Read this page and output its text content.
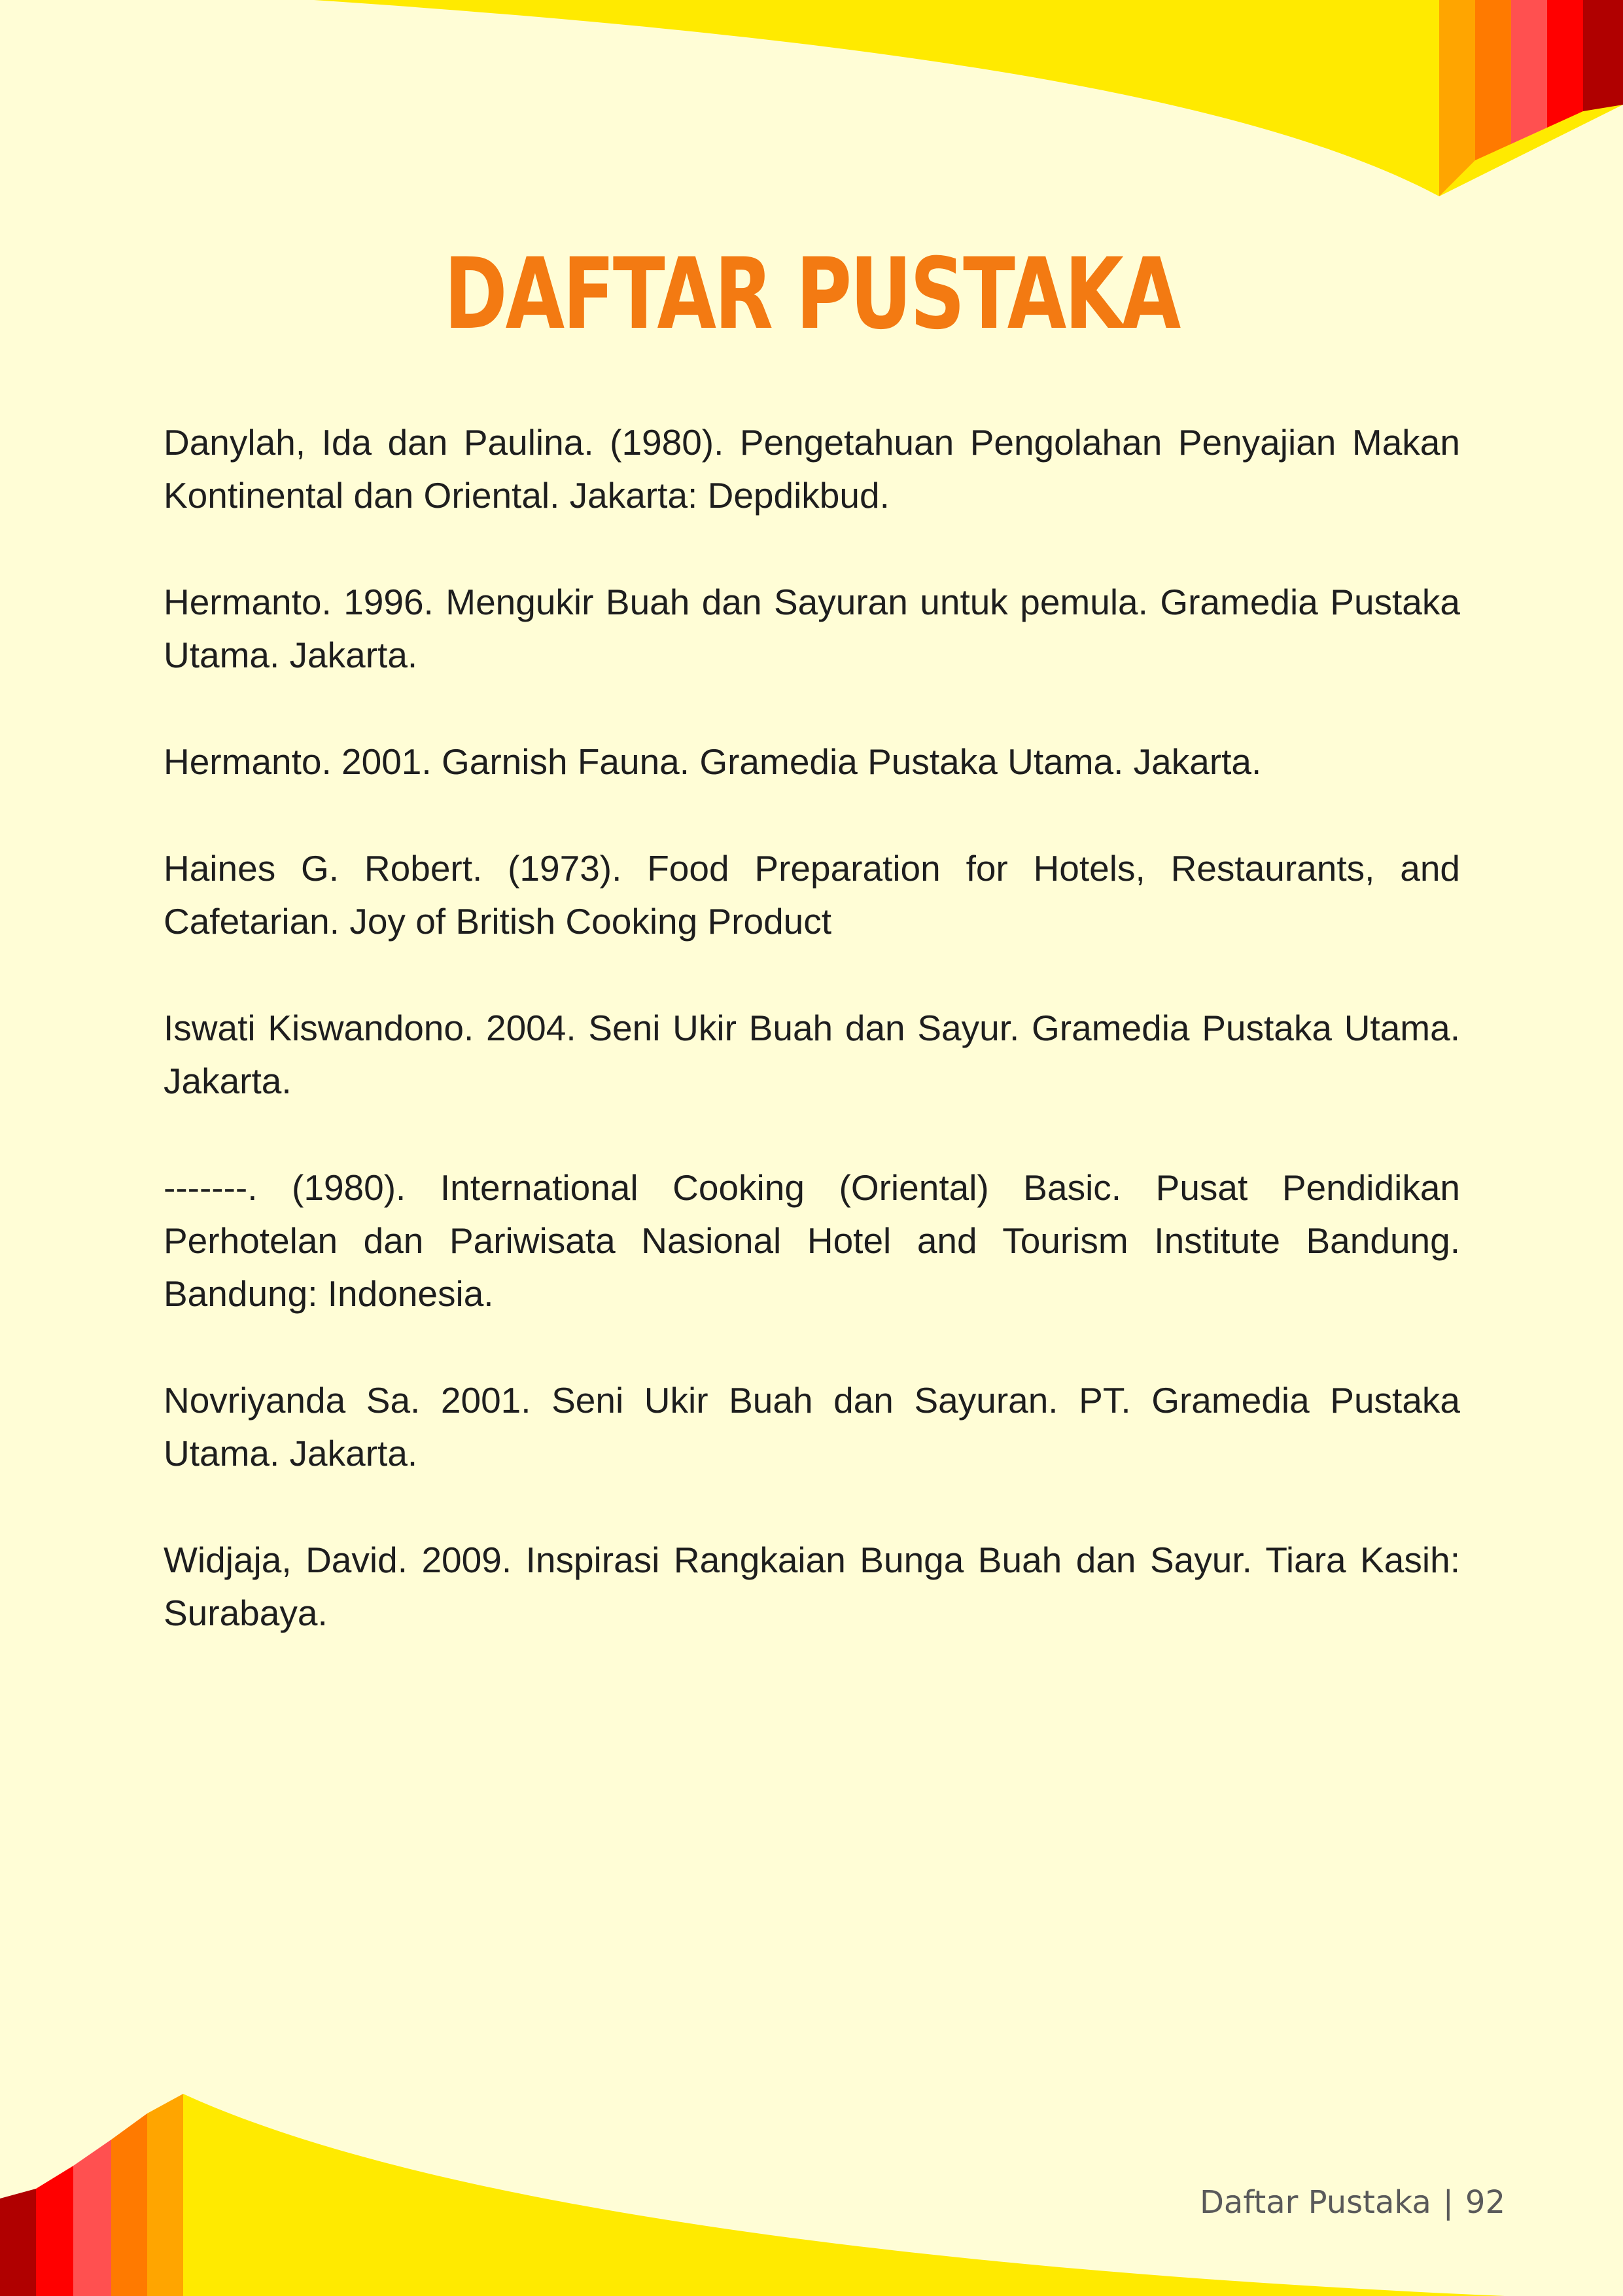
DAFTAR PUSTAKA
Danylah, Ida dan Paulina. (1980). Pengetahuan Pengolahan Penyajian Makan Kontinental dan Oriental. Jakarta: Depdikbud.
Hermanto. 1996. Mengukir Buah dan Sayuran untuk pemula. Gramedia Pustaka Utama. Jakarta.
Hermanto. 2001. Garnish Fauna. Gramedia Pustaka Utama. Jakarta.
Haines G. Robert. (1973). Food Preparation for Hotels, Restaurants, and Cafetarian. Joy of British Cooking Product
Iswati Kiswandono. 2004. Seni Ukir Buah dan Sayur. Gramedia Pustaka Utama. Jakarta.
-------. (1980). International Cooking (Oriental) Basic. Pusat Pendidikan Perhotelan dan Pariwisata Nasional Hotel and Tourism Institute Bandung. Bandung: Indonesia.
Novriyanda Sa. 2001. Seni Ukir Buah dan Sayuran. PT. Gramedia Pustaka Utama. Jakarta.
Widjaja, David. 2009. Inspirasi Rangkaian Bunga Buah dan Sayur. Tiara Kasih: Surabaya.
Daftar Pustaka | 92
